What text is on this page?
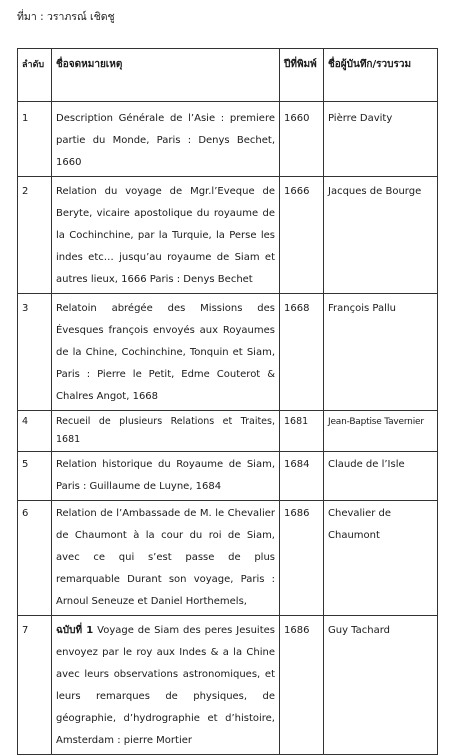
ที่มา : วราภรณ์ เชิดชู
ลำดับ	ชื่อจดหมายเหตุ	ปีที่พิมพ์	ชื่อผู้บันทึก/รวบรวม
1	Description Générale de l’Asie : premiere partie du Monde, Paris : Denys Bechet, 1660	1660	Pièrre Davity
2	Relation du voyage de Mgr.l’Eveque de Beryte, vicaire apostolique du royaume de la Cochinchine, par la Turquie, la Perse les indes etc… jusqu’au royaume de Siam et autres lieux, 1666 Paris : Denys Bechet	1666	Jacques de Bourge
3	Relatoin abrégée des Missions des Évesques françois envoyés aux Royaumes de la Chine, Cochinchine, Tonquin et Siam, Paris : Pierre le Petit, Edme Couterot & Chalres Angot, 1668	1668	François Pallu
4	Recueil de plusieurs Relations et Traites, 1681	1681	Jean-Baptise Tavernier
5	Relation historique du Royaume de Siam, Paris : Guillaume de Luyne, 1684	1684	Claude de l’Isle
6	Relation de l’Ambassade de M. le Chevalier de Chaumont à la cour du roi de Siam, avec ce qui s’est passe de plus remarquable Durant son voyage, Paris : Arnoul Seneuze et Daniel Horthemels,	1686	Chevalier de Chaumont
7	ฉบับที่ 1 Voyage de Siam des peres Jesuites envoyez par le roy aux Indes & a la Chine avec leurs observations astronomiques, et leurs remarques de physiques, de géographie, d’hydrographie et d’histoire, Amsterdam : pierre Mortier	1686	Guy Tachard
